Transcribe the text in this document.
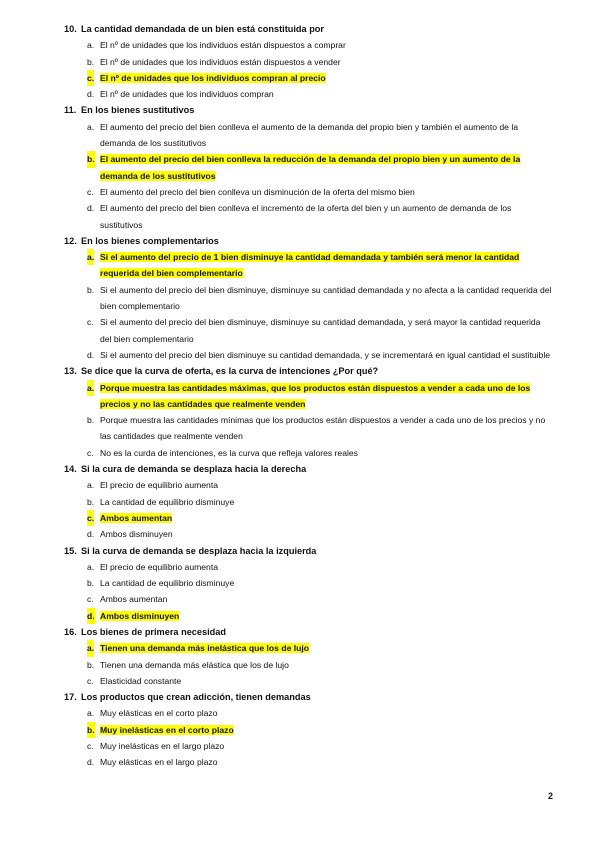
10. La cantidad demandada de un bien está constituida por
a. El nº de unidades que los individuos están dispuestos a comprar
b. El nº de unidades que los individuos están dispuestos a vender
c. El nº de unidades que los individuos compran al precio
d. El nº de unidades que los individuos compran
11. En los bienes sustitutivos
a. El aumento del precio del bien conlleva el aumento de la demanda del propio bien y también el aumento de la demanda de los sustitutivos
b. El aumento del precio del bien conlleva la reducción de la demanda del propio bien y un aumento de la demanda de los sustitutivos
c. El aumento del precio del bien conlleva un disminución de la oferta del mismo bien
d. El aumento del precio del bien conlleva el incremento de la oferta del bien y un aumento de demanda de los sustitutivos
12. En los bienes complementarios
a. Si el aumento del precio de 1 bien disminuye la cantidad demandada y también será menor la cantidad requerida del bien complementario
b. Si el aumento del precio del bien disminuye, disminuye su cantidad demandada y no afecta a la cantidad requerida del bien complementario
c. Si el aumento del precio del bien disminuye, disminuye su cantidad demandada, y será mayor la cantidad requerida del bien complementario
d. Si el aumento del precio del bien disminuye su cantidad demandada, y se incrementará en igual cantidad el sustituible
13. Se dice que la curva de oferta, es la curva de intenciones ¿Por qué?
a. Porque muestra las cantidades máximas, que los productos están dispuestos a vender a cada uno de los precios y no las cantidades que realmente venden
b. Porque muestra las cantidades mínimas que los productos están dispuestos a vender a cada uno de los precios y no las cantidades que realmente venden
c. No es la curda de intenciones, es la curva que refleja valores reales
14. Si la cura de demanda se desplaza hacia la derecha
a. El precio de equilibrio aumenta
b. La cantidad de equilibrio disminuye
c. Ambos aumentan
d. Ambos disminuyen
15. Si la curva de demanda se desplaza hacia la izquierda
a. El precio de equilibrio aumenta
b. La cantidad de equilibrio disminuye
c. Ambos aumentan
d. Ambos disminuyen
16. Los bienes de primera necesidad
a. Tienen una demanda más inelástica que los de lujo
b. Tienen una demanda más elástica que los de lujo
c. Elasticidad constante
17. Los productos que crean adicción, tienen demandas
a. Muy elásticas en el corto plazo
b. Muy inelásticas en el corto plazo
c. Muy inelásticas en el largo plazo
d. Muy elásticas en el largo plazo
2
